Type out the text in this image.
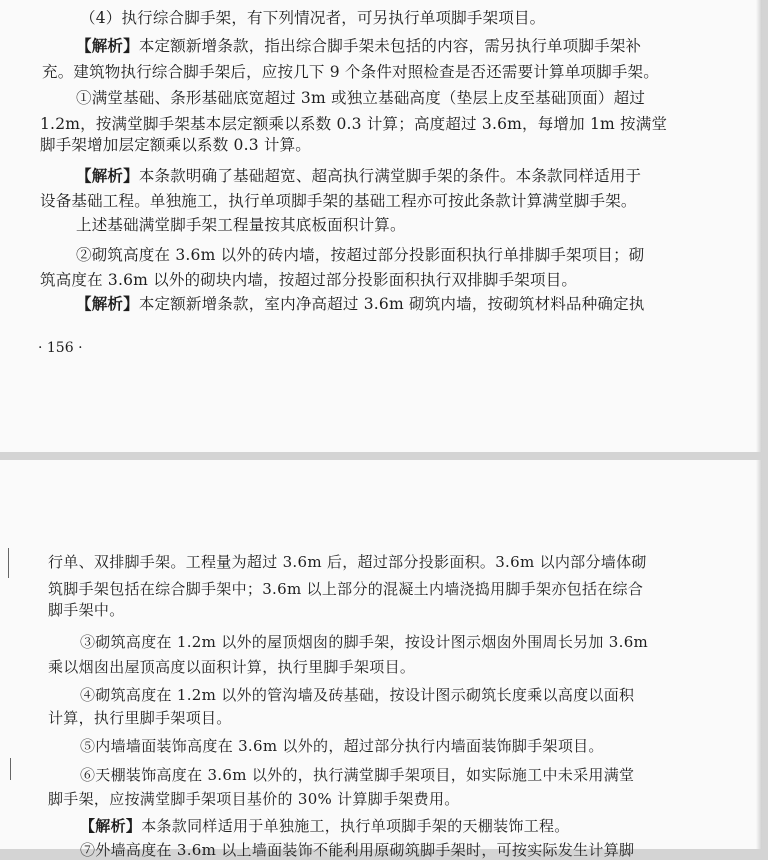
（4）执行综合脚手架，有下列情况者，可另执行单项脚手架项目。

【解析】本定额新增条款，指出综合脚手架未包括的内容，需另执行单项脚手架补

充。建筑物执行综合脚手架后，应按几下 9 个条件对照检查是否还需要计算单项脚手架。

①满堂基础、条形基础底宽超过 3m 或独立基础高度（垫层上皮至基础顶面）超过

1.2m，按满堂脚手架基本层定额乘以系数 0.3 计算；高度超过 3.6m，每增加 1m 按满堂

脚手架增加层定额乘以系数 0.3 计算。

【解析】本条款明确了基础超宽、超高执行满堂脚手架的条件。本条款同样适用于

设备基础工程。单独施工，执行单项脚手架的基础工程亦可按此条款计算满堂脚手架。

上述基础满堂脚手架工程量按其底板面积计算。

②砌筑高度在 3.6m 以外的砖内墙，按超过部分投影面积执行单排脚手架项目；砌

筑高度在 3.6m 以外的砌块内墙，按超过部分投影面积执行双排脚手架项目。

【解析】本定额新增条款，室内净高超过 3.6m 砌筑内墙，按砌筑材料品种确定执

· 156 ·

行单、双排脚手架。工程量为超过 3.6m 后，超过部分投影面积。3.6m 以内部分墙体砌

筑脚手架包括在综合脚手架中；3.6m 以上部分的混凝土内墙浇捣用脚手架亦包括在综合

脚手架中。

③砌筑高度在 1.2m 以外的屋顶烟囱的脚手架，按设计图示烟囱外围周长另加 3.6m

乘以烟囱出屋顶高度以面积计算，执行里脚手架项目。

④砌筑高度在 1.2m 以外的管沟墙及砖基础，按设计图示砌筑长度乘以高度以面积

计算，执行里脚手架项目。

⑤内墙墙面装饰高度在 3.6m 以外的，超过部分执行内墙面装饰脚手架项目。

⑥天棚装饰高度在 3.6m 以外的，执行满堂脚手架项目，如实际施工中未采用满堂

脚手架，应按满堂脚手架项目基价的 30% 计算脚手架费用。

【解析】本条款同样适用于单独施工，执行单项脚手架的天棚装饰工程。

⑦外墙高度在 3.6m 以上墙面装饰不能利用原砌筑脚手架时，可按实际发生计算脚
